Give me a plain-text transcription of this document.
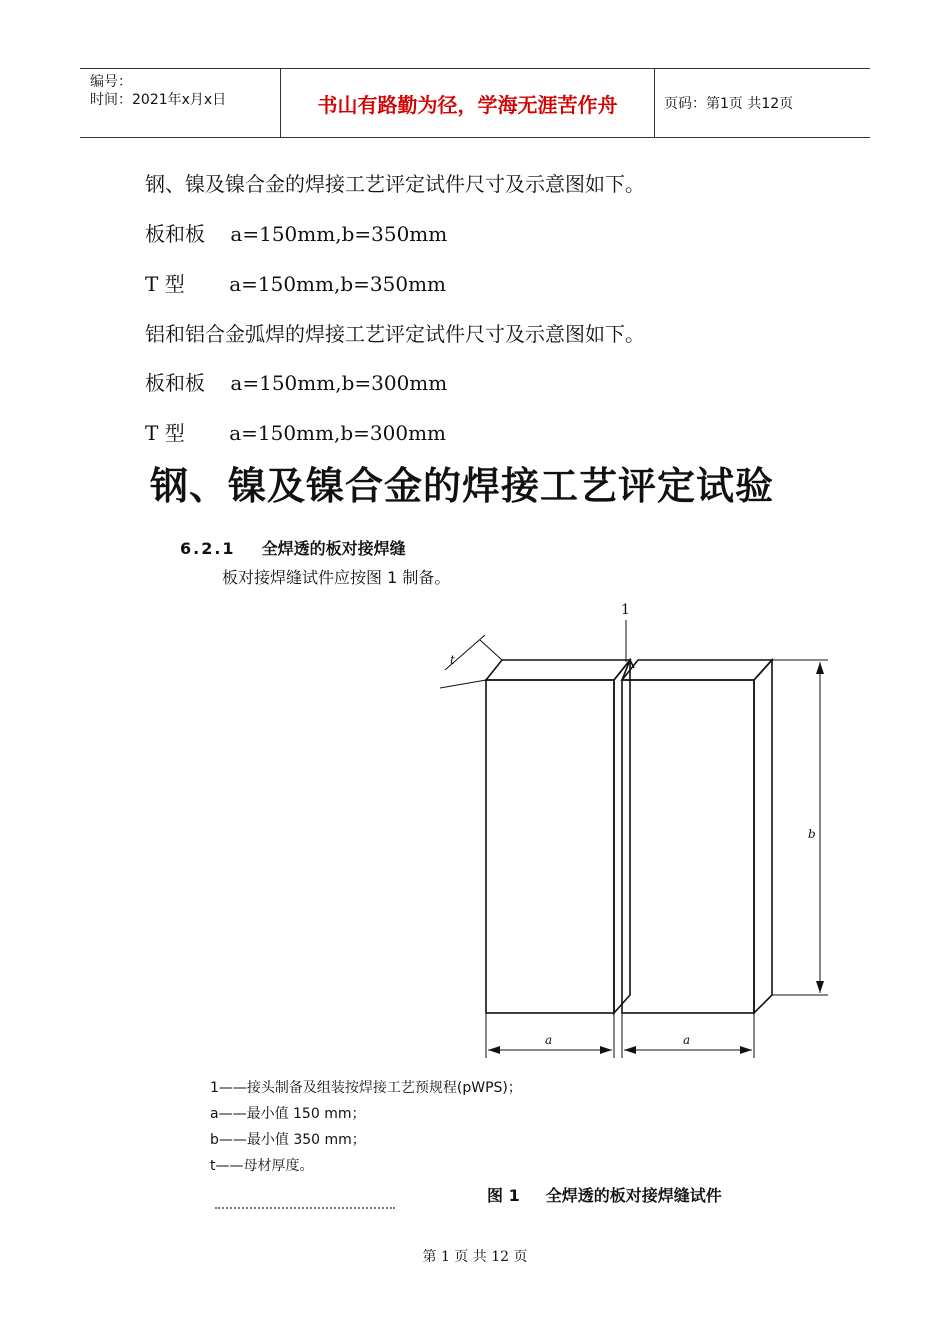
编号：
时间：2021年x月x日	书山有路勤为径，学海无涯苦作舟	页码：第1页 共12页
钢、镍及镍合金的焊接工艺评定试件尺寸及示意图如下。
板和板    a=150mm,b=350mm
T 型       a=150mm,b=350mm
铝和铝合金弧焊的焊接工艺评定试件尺寸及示意图如下。
板和板    a=150mm,b=300mm
T 型       a=150mm,b=300mm
钢、镍及镍合金的焊接工艺评定试验
6.2.1 全焊透的板对接焊缝
板对接焊缝试件应按图 1 制备。
1
t
b
a	a
1——接头制备及组装按焊接工艺预规程(pWPS)；
a——最小值 150 mm；
b——最小值 350 mm；
t——母材厚度。
图 1 全焊透的板对接焊缝试件
第 1 页 共 12 页
